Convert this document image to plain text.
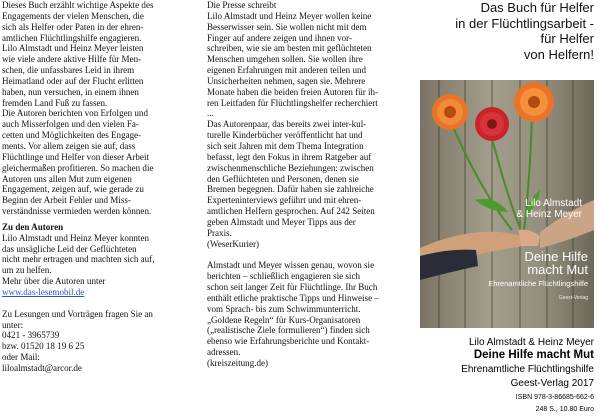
Dieses Buch erzählt wichtige Aspekte des
Engagements der vielen Menschen, die
sich als Helfer oder Paten in der ehren-
amtlichen Flüchtlingshilfe engagieren.
Lilo Almstadt und Heinz Meyer leisten
wie viele andere aktive Hilfe für Men-
schen, die unfassbares Leid in ihrem
Heimatland oder auf der Flucht erlitten
haben, nun versuchen, in einem ihnen
fremden Land Fuß zu fassen.
Die Autoren berichten von Erfolgen und
auch Misserfolgen und den vielen Fa-
cetten und Möglichkeiten des Engage-
ments. Vor allem zeigen sie auf, dass
Flüchtlinge und Helfer von dieser Arbeit
gleichermaßen profitieren. So machen die
Autoren uns allen Mut zum eigenen
Engagement, zeigen auf, wie gerade zu
Beginn der Arbeit Fehler und Miss-
verständnisse vermieden werden können.
Zu den Autoren
Lilo Almstadt und Heinz Meyer konnten
das unsägliche Leid der Geflüchteten
nicht mehr ertragen und machten sich auf,
um zu helfen.
Mehr über die Autoren unter
www.das-lesemobil.de
Zu Lesungen und Vorträgen fragen Sie an
unter:
0421 - 3965739
bzw. 01520 18 19 6 25
oder Mail:
liloalmstadt@arcor.de
Die Presse schreibt
Lilo Almstadt und Heinz Meyer wollen keine
Besserwisser sein. Sie wollen nicht mit dem
Finger auf andere zeigen und ihnen vor-
schreiben, wie sie am besten mit geflüchteten
Menschen umgehen sollen. Sie wollen ihre
eigenen Erfahrungen mit anderen teilen und
Unsicherheiten nehmen, sagen sie. Mehrere
Monate haben die beiden freien Autoren für ih-
ren Leitfaden für Flüchtlingshelfer recherchiert
...
Das Autorenpaar, das bereits zwei inter-kul-
turelle Kinderbücher veröffentlicht hat und
sich seit Jahren mit dem Thema Integration
befasst, legt den Fokus in ihrem Ratgeber auf
zwischenmenschliche Beziehungen: zwischen
den Geflüchteten und Personen, denen sie
Bremen begegnen. Dafür haben sie zahlreiche
Experteninterviews geführt und mit ehren-
amtlichen Helfern gesprochen. Auf 242 Seiten
geben Almstadt und Meyer Tipps aus der
Praxis.
(WeserKurier)
Almstadt und Meyer wissen genau, wovon sie
berichten – schließlich engagieren sie sich
schon seit langer Zeit für Flüchtlinge. Ihr Buch
enthält etliche praktische Tipps und Hinweise –
vom Sprach- bis zum Schwimmunterricht.
„Goldene Regeln“ für Kurs-Organisatoren
(„realistische Ziele formulieren“) finden sich
ebenso wie Erfahrungsberichte und Kontakt-
adressen.
(kreiszeitung.de)
Das Buch für Helfer
in der Flüchtlingsarbeit -
für Helfer
von Helfern!
Lilo Almstadt
& Heinz Meyer
Deine Hilfe
macht Mut
Ehrenamtliche Flüchtlingshilfe
Geest-Verlag
Lilo Almstadt & Heinz Meyer
Deine Hilfe macht Mut
Ehrenamtliche Flüchtlingshilfe
Geest-Verlag 2017
ISBN 978-3-86685-662-6
248 S., 10.80 Euro
